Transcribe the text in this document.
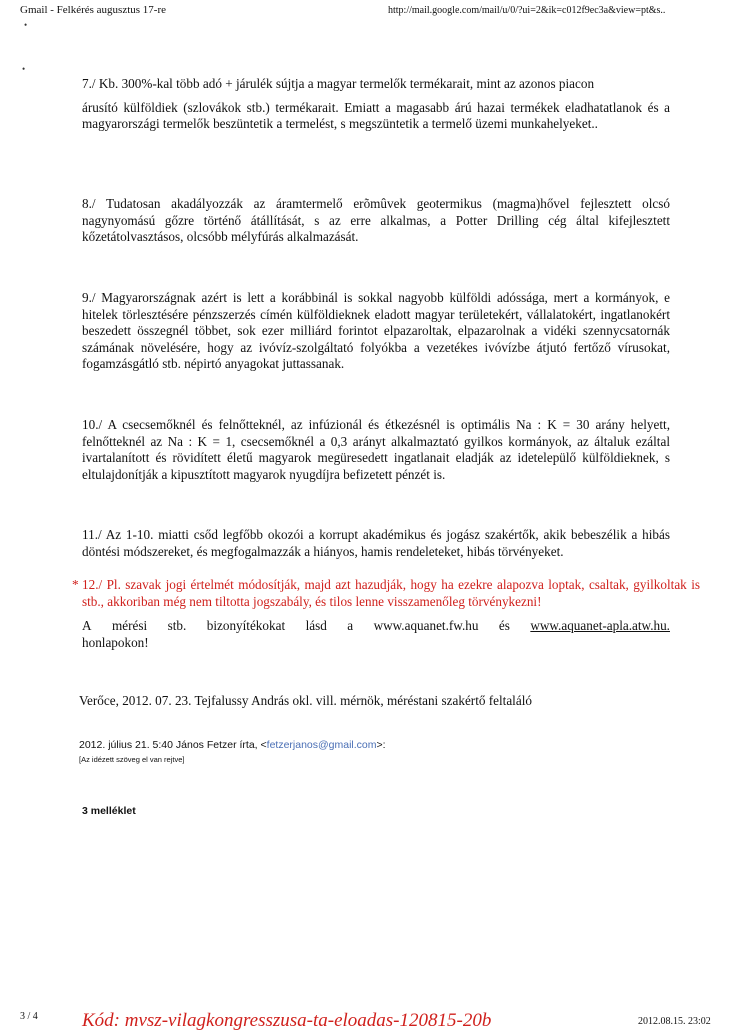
Gmail - Felkérés augusztus 17-re	http://mail.google.com/mail/u/0/?ui=2&ik=c012f9ec3a&view=pt&s..
•
•

7./ Kb. 300%-kal több adó + járulék sújtja a magyar termelők termékarait, mint az azonos piacon

árusító külföldiek (szlovákok stb.) termékarait. Emiatt a magasabb árú hazai termékek eladhatatlanok és a magyarországi termelők beszüntetik a termelést, s megszüntetik a termelő üzemi munkahelyeket..

8./ Tudatosan akadályozzák az áramtermelő erõmûvek geotermikus (magma)hővel fejlesztett olcsó nagynyomású gőzre történő átállítását, s az erre alkalmas, a Potter Drilling cég által kifejlesztett kőzetátolvasztásos, olcsóbb mélyfúrás alkalmazását.

9./ Magyarországnak azért is lett a korábbinál is sokkal nagyobb külföldi adóssága, mert a kormányok, e hitelek törlesztésére pénzszerzés címén külföldieknek eladott magyar területekért, vállalatokért, ingatlanokért beszedett összegnél többet, sok ezer milliárd forintot elpazaroltak, elpazarolnak a vidéki szennycsatornák számának növelésére, hogy az ivóvíz-szolgáltató folyókba a vezetékes ivóvízbe átjutó fertőző vírusokat, fogamzásgátló stb. népirtó anyagokat juttassanak.

10./ A csecsemőknél és felnőtteknél, az infúzionál és étkezésnél is optimális Na : K = 30 arány helyett, felnőtteknél az Na : K = 1, csecsemőknél a 0,3 arányt alkalmaztató gyilkos kormányok, az általuk ezáltal ivartalanított és rövidített életű magyarok megüresedett ingatlanait eladják az idetelepülő külföldieknek, s eltulajdonítják a kipusztított magyarok nyugdíjra befizetett pénzét is.

11./ Az 1-10. miatti csőd legfőbb okozói a korrupt akadémikus és jogász szakértők, akik bebeszélik a hibás döntési módszereket, és megfogalmazzák a hiányos, hamis rendeleteket, hibás törvényeket.

* 12./ Pl. szavak jogi értelmét módosítják, majd azt hazudják, hogy ha ezekre alapozva loptak, csaltak, gyilkoltak is stb., akkoriban még nem tiltotta jogszabály, és tilos lenne visszamenőleg törvénykezni!
A mérési stb. bizonyítékokat lásd a www.aquanet.fw.hu és www.aquanet-apla.atw.hu.
honlapokon!
Verőce, 2012. 07. 23. Tejfalussy András okl. vill. mérnök, méréstani szakértő feltaláló
2012. július 21. 5:40 János Fetzer írta, <fetzerjanos@gmail.com>:
[Az idézett szöveg el van rejtve]
3 melléklet
3 / 4 Kód: mvsz-vilagkongresszusa-ta-eloadas-120815-20b	2012.08.15. 23:02
